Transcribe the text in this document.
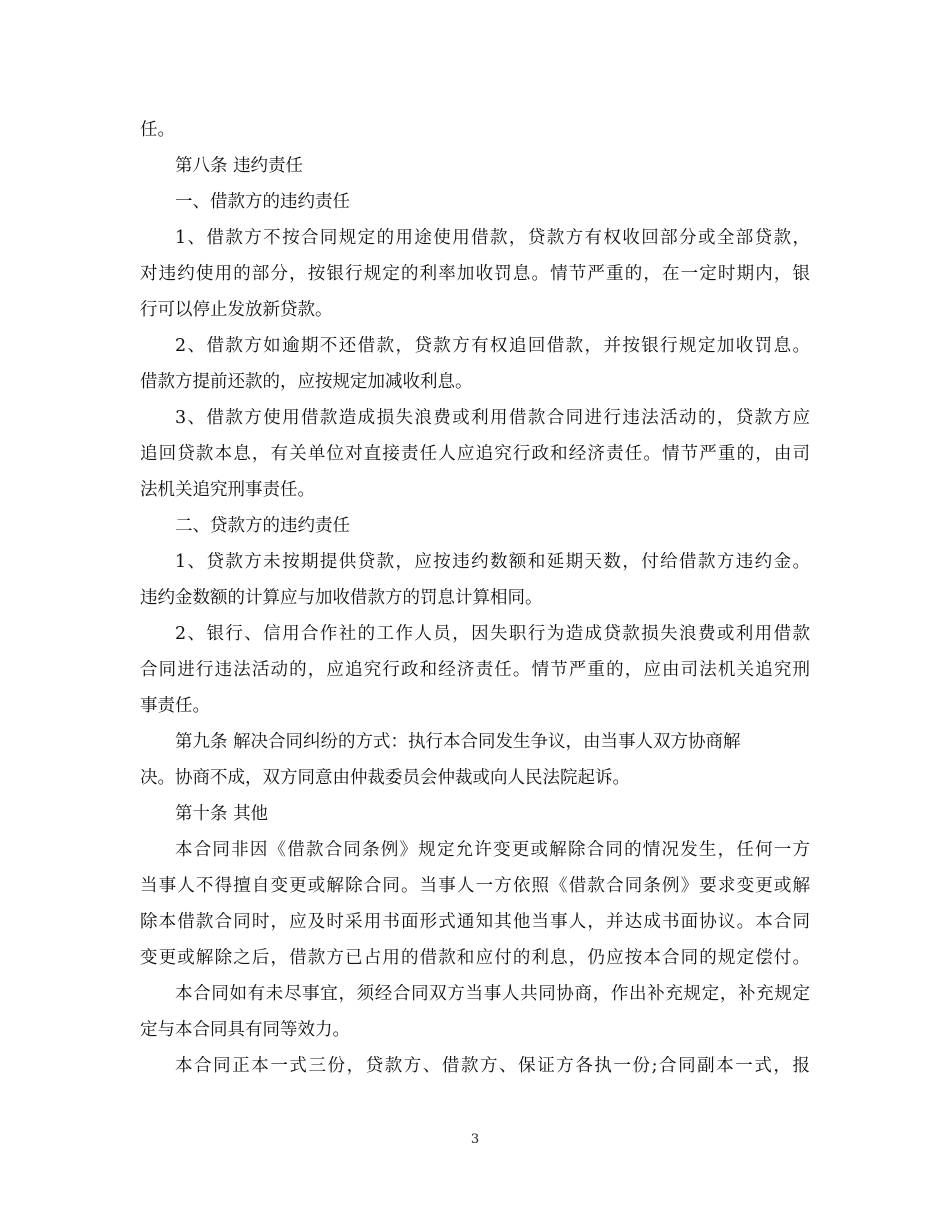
任。
第八条 违约责任
一、借款方的违约责任
1、借款方不按合同规定的用途使用借款，贷款方有权收回部分或全部贷款，
对违约使用的部分，按银行规定的利率加收罚息。情节严重的，在一定时期内，银
行可以停止发放新贷款。
2、借款方如逾期不还借款，贷款方有权追回借款，并按银行规定加收罚息。
借款方提前还款的，应按规定加减收利息。
3、借款方使用借款造成损失浪费或利用借款合同进行违法活动的，贷款方应
追回贷款本息，有关单位对直接责任人应追究行政和经济责任。情节严重的，由司
法机关追究刑事责任。
二、贷款方的违约责任
1、贷款方未按期提供贷款，应按违约数额和延期天数，付给借款方违约金。
违约金数额的计算应与加收借款方的罚息计算相同。
2、银行、信用合作社的工作人员，因失职行为造成贷款损失浪费或利用借款
合同进行违法活动的，应追究行政和经济责任。情节严重的，应由司法机关追究刑
事责任。
第九条 解决合同纠纷的方式：执行本合同发生争议，由当事人双方协商解
决。协商不成，双方同意由仲裁委员会仲裁或向人民法院起诉。
第十条 其他
本合同非因《借款合同条例》规定允许变更或解除合同的情况发生，任何一方
当事人不得擅自变更或解除合同。当事人一方依照《借款合同条例》要求变更或解
除本借款合同时，应及时采用书面形式通知其他当事人，并达成书面协议。本合同
变更或解除之后，借款方已占用的借款和应付的利息，仍应按本合同的规定偿付。
本合同如有未尽事宜，须经合同双方当事人共同协商，作出补充规定，补充规定
定与本合同具有同等效力。
本合同正本一式三份，贷款方、借款方、保证方各执一份;合同副本一式，报
3
